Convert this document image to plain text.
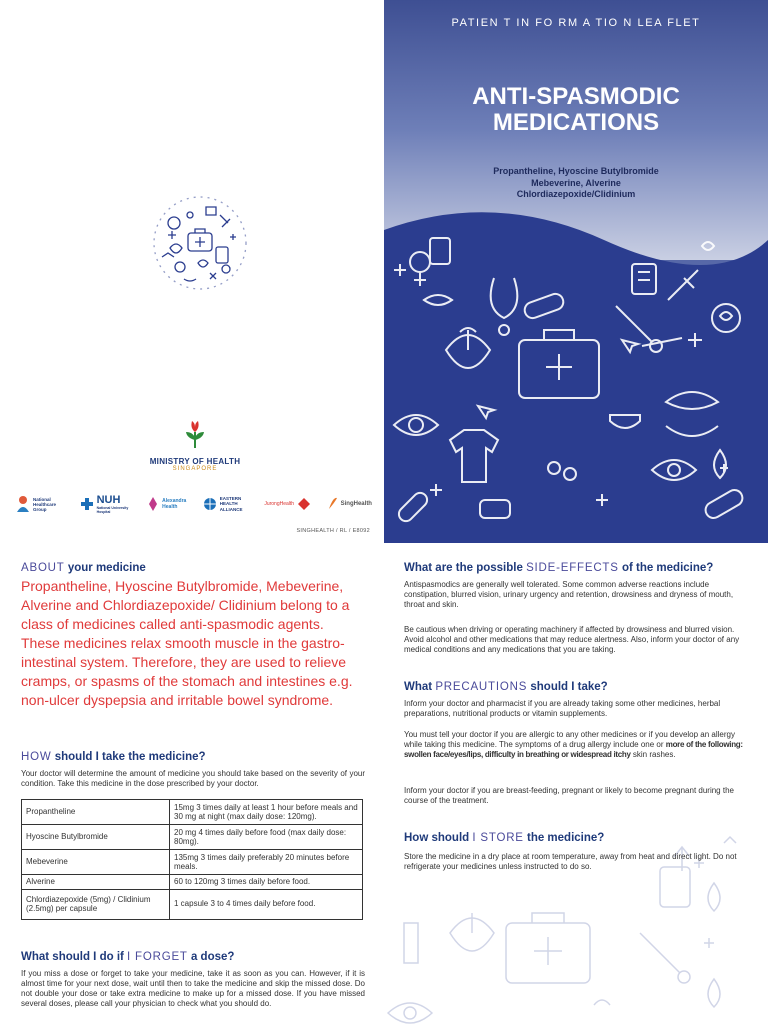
MINISTRY OF HEALTH
SINGAPORE
National Healthcare Group
NUH
National University Hospital
Alexandra Health
EASTERN HEALTH ALLIANCE
JurongHealth	SingHealth
SINGHEALTH / RL / E8092
PATIEN T IN FO RM A TIO N LEA FLET
ANTI-SPASMODIC
MEDICATIONS
Propantheline, Hyoscine Butylbromide
Mebeverine, Alverine
Chlordiazepoxide/Clidinium
ABOUT your medicine
Propantheline, Hyoscine Butylbromide, Mebeverine, Alverine and Chlordiazepoxide/ Clidinium belong to a class of medicines called anti-spasmodic agents. These medicines relax smooth muscle in the gastro-intestinal system. Therefore, they are used to relieve cramps, or spasms of the stomach and intestines e.g. non-ulcer dyspepsia and irritable bowel syndrome.
HOW should I take the medicine?
Your doctor will determine the amount of medicine you should take based on the severity of your condition. Take this medicine in the dose prescribed by your doctor.
Propantheline	15mg 3 times daily at least 1 hour before meals and 30 mg at night (max daily dose: 120mg).
Hyoscine Butylbromide	20 mg 4 times daily before food (max daily dose: 80mg).
Mebeverine	135mg 3 times daily preferably 20 minutes before meals.
Alverine	60 to 120mg 3 times daily before food.
Chlordiazepoxide (5mg) / Clidinium (2.5mg) per capsule	1 capsule 3 to 4 times daily before food.
What should I do if I FORGET a dose?
If you miss a dose or forget to take your medicine, take it as soon as you can. However, if it is almost time for your next dose, wait until then to take the medicine and skip the missed dose. Do not double your dose or take extra medicine to make up for a missed dose. If you have missed several doses, please call your physician to check what you should do.
What are the possible SIDE-EFFECTS of the medicine?
Antispasmodics are generally well tolerated. Some common adverse reactions include constipation, blurred vision, urinary urgency and retention, drowsiness and dryness of mouth, throat and skin.
Be cautious when driving or operating machinery if affected by drowsiness and blurred vision. Avoid alcohol and other medications that may reduce alertness. Also, inform your doctor of any medical conditions and any medications that you are taking.
What PRECAUTIONS should I take?
Inform your doctor and pharmacist if you are already taking some other medicines, herbal preparations, nutritional products or vitamin supplements.
You must tell your doctor if you are allergic to any other medicines or if you develop an allergy while taking this medicine. The symptoms of a drug allergy include one or more of the following: swollen face/eyes/lips, difficulty in breathing or widespread itchy skin rashes.
Inform your doctor if you are breast-feeding, pregnant or likely to become pregnant during the course of the treatment.
How should I STORE the medicine?
Store the medicine in a dry place at room temperature, away from heat and direct light. Do not refrigerate your medicines unless instructed to do so.
